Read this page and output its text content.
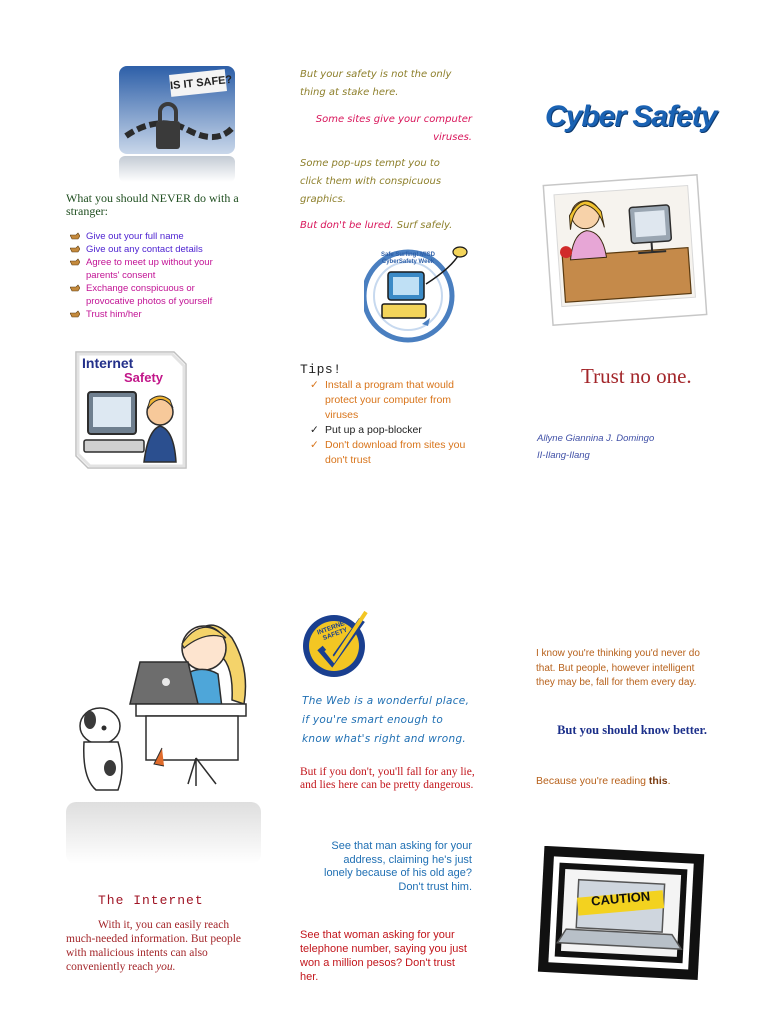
IS IT SAFE?
What you should NEVER do with a stranger:
Give out your full name
Give out any contact details
Agree to meet up without your parents' consent
Exchange conspicuous or provocative photos of yourself
Trust him/her
Internet
Safety
But your safety is not the only thing at stake here.
Some sites give your computer viruses.
Some pop-ups tempt you to click them with conspicuous graphics.
But don't be lured. Surf safely.
Safe Surfing! MISD CyberSafety Week
Tips!
✓ Install a program that would protect your computer from viruses
✓ Put up a pop-blocker
✓ Don't download from sites you don't trust
Cyber Safety
Trust no one.
Allyne Giannina J. Domingo
II-Ilang-Ilang
The Internet
With it, you can easily reach much-needed information. But people with malicious intents can also conveniently reach you.
INTERNET SAFETY
The Web is a wonderful place, if you're smart enough to know what's right and wrong.
But if you don't, you'll fall for any lie,
and lies here can be pretty dangerous.
See that man asking for your address, claiming he's just lonely because of his old age? Don't trust him.
See that woman asking for your telephone number, saying you just won a million pesos? Don't trust her.
I know you're thinking you'd never do that. But people, however intelligent they may be, fall for them every day.
But you should know better.
Because you're reading this.
CAUTION
